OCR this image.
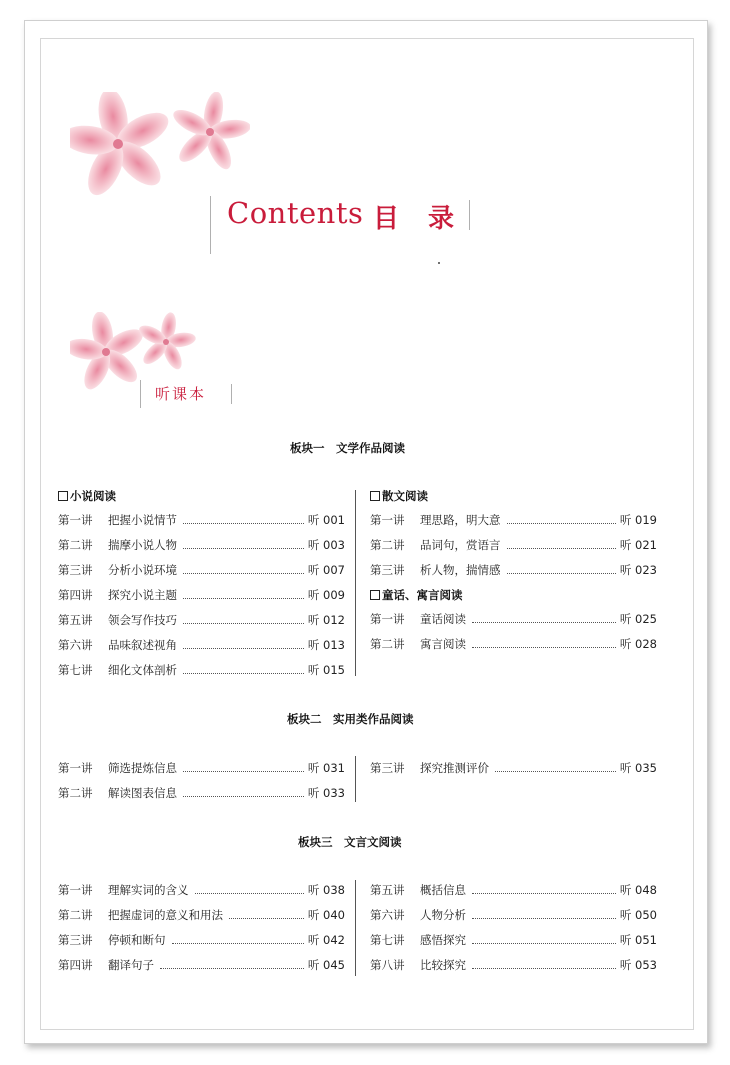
Contents 目 录
听课本
板块一　文学作品阅读
小说阅读	散文阅读
童话、寓言阅读
板块二　实用类作品阅读
板块三　文言文阅读
第一讲	把握小说情节	听 001
第二讲	揣摩小说人物	听 003
第三讲	分析小说环境	听 007
第四讲	探究小说主题	听 009
第五讲	领会写作技巧	听 012
第六讲	品味叙述视角	听 013
第七讲	细化文体剖析	听 015
第一讲	理思路，明大意	听 019
第二讲	品词句，赏语言	听 021
第三讲	析人物，揣情感	听 023
第一讲	童话阅读	听 025
第二讲	寓言阅读	听 028
第一讲	筛选提炼信息	听 031
第二讲	解读图表信息	听 033
第三讲	探究推测评价	听 035
第一讲	理解实词的含义	听 038
第二讲	把握虚词的意义和用法	听 040
第三讲	停顿和断句	听 042
第四讲	翻译句子	听 045
第五讲	概括信息	听 048
第六讲	人物分析	听 050
第七讲	感悟探究	听 051
第八讲	比较探究	听 053
